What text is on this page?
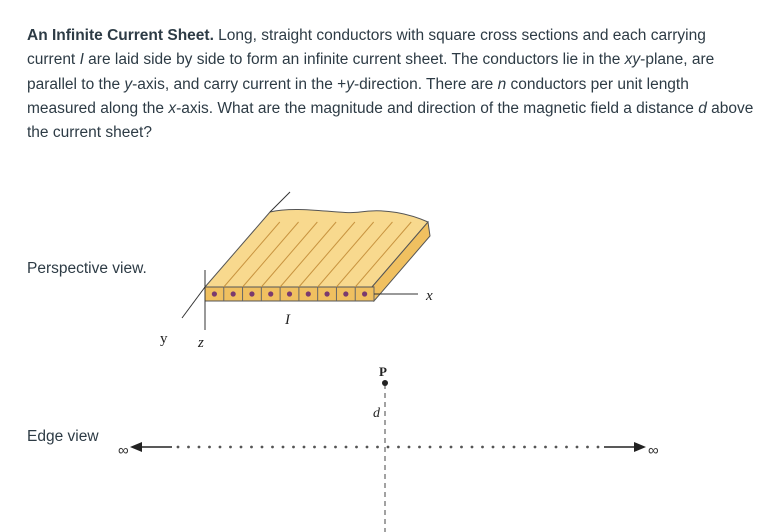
An Infinite Current Sheet. Long, straight conductors with square cross sections and each carrying current I are laid side by side to form an infinite current sheet. The conductors lie in the xy-plane, are parallel to the y-axis, and carry current in the +y-direction. There are n conductors per unit length measured along the x-axis. What are the magnitude and direction of the magnetic field a distance d above the current sheet?
Perspective view.
Edge view
x
y z
I
∞	∞
P
d
